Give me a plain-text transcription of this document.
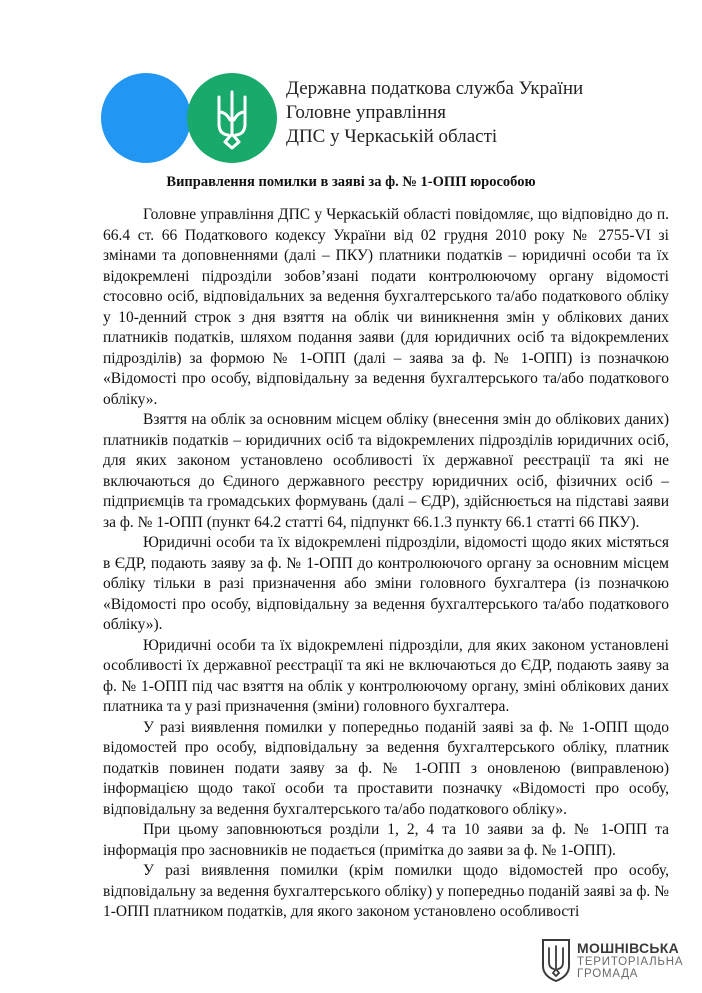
Державна податкова служба України
Головне управління
ДПС у Черкаській області
Виправлення помилки в заяві за ф. № 1-ОПП юрособою

Головне управління ДПС у Черкаській області повідомляє, що відповідно до п. 66.4 ст. 66 Податкового кодексу України від 02 грудня 2010 року № 2755-VI зі змінами та доповненнями (далі – ПКУ) платники податків – юридичні особи та їх відокремлені підрозділи зобов’язані подати контролюючому органу відомості стосовно осіб, відповідальних за ведення бухгалтерського та/або податкового обліку у 10-денний строк з дня взяття на облік чи виникнення змін у облікових даних платників податків, шляхом подання заяви (для юридичних осіб та відокремлених підрозділів) за формою № 1-ОПП (далі – заява за ф. № 1-ОПП) із позначкою «Відомості про особу, відповідальну за ведення бухгалтерського та/або податкового обліку».

Взяття на облік за основним місцем обліку (внесення змін до облікових даних) платників податків – юридичних осіб та відокремлених підрозділів юридичних осіб, для яких законом установлено особливості їх державної реєстрації та які не включаються до Єдиного державного реєстру юридичних осіб, фізичних осіб – підприємців та громадських формувань (далі – ЄДР), здійснюється на підставі заяви за ф. № 1-ОПП (пункт 64.2 статті 64, підпункт 66.1.3 пункту 66.1 статті 66 ПКУ).

Юридичні особи та їх відокремлені підрозділи, відомості щодо яких містяться в ЄДР, подають заяву за ф. № 1-ОПП до контролюючого органу за основним місцем обліку тільки в разі призначення або зміни головного бухгалтера (із позначкою «Відомості про особу, відповідальну за ведення бухгалтерського та/або податкового обліку»).

Юридичні особи та їх відокремлені підрозділи, для яких законом установлені особливості їх державної реєстрації та які не включаються до ЄДР, подають заяву за ф. № 1-ОПП під час взяття на облік у контролюючому органу, зміні облікових даних платника та у разі призначення (зміни) головного бухгалтера.

У разі виявлення помилки у попередньо поданій заяві за ф. № 1-ОПП щодо відомостей про особу, відповідальну за ведення бухгалтерського обліку, платник податків повинен подати заяву за ф. № 1-ОПП з оновленою (виправленою) інформацією щодо такої особи та проставити позначку «Відомості про особу, відповідальну за ведення бухгалтерського та/або податкового обліку».

При цьому заповнюються розділи 1, 2, 4 та 10 заяви за ф. № 1-ОПП та інформація про засновників не подається (примітка до заяви за ф. № 1-ОПП).

У разі виявлення помилки (крім помилки щодо відомостей про особу, відповідальну за ведення бухгалтерського обліку) у попередньо поданій заяві за ф. № 1-ОПП платником податків, для якого законом установлено особливості

МОШНІВСЬКА
ТЕРИТОРІАЛЬНА
ГРОМАДА
